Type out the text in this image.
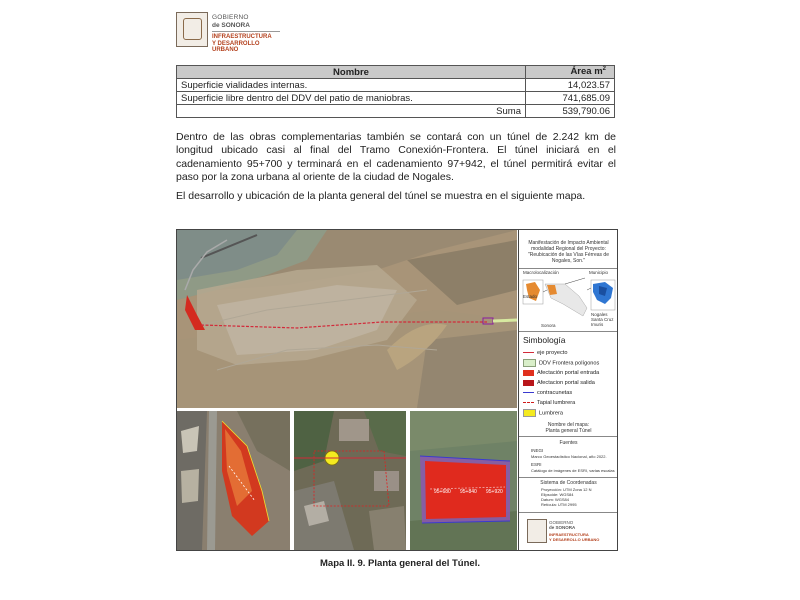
GOBIERNO
de SONORA
INFRAESTRUCTURA
Y DESARROLLO URBANO
Nombre	Área $m^2$
Superficie vialidades internas.	14,023.57
Superficie libre dentro del DDV del patio de maniobras.	741,685.09
Suma	539,790.06

Dentro de las obras complementarias también se contará con un túnel de 2.242 km de longitud ubicado casi al final del Tramo Conexión-Frontera. El túnel iniciará en el cadenamiento 95+700 y terminará en el cadenamiento 97+942, el túnel permitirá evitar el paso por la zona urbana al oriente de la ciudad de Nogales.

El desarrollo y ubicación de la planta general del túnel se muestra en el siguiente mapa.

95+680 95+840 95+920
Manifestación de Impacto Ambiental modalidad Regional del Proyecto: "Reubicación de las Vías Férreas de Nogales, Son."
Macrolocalización	Municipio
Estado
Sonora
Nogales Santa Cruz Imuris
Simbología
eje proyecto
DDV Frontera polígonos
Afectación portal entrada
Afectacion portal salida
contracunetas
Tapial lumbrera
Lumbrera
Nombre del mapa:
Planta general Túnel
Fuentes
INEGI
Marco Geoestadístico Nacional, año 2022.
ESRI
Catálogo de imágenes de ESRI, varias escalas
Sistema de Coordenadas
Proyección: UTM Zona 12 N
Elipsoide: WGS84
Datum: WGS84
Retícula: UTM 2995
GOBIERNO
de SONORA
INFRAESTRUCTURA
Y DESARROLLO URBANO
Mapa II. 9. Planta general del Túnel.
